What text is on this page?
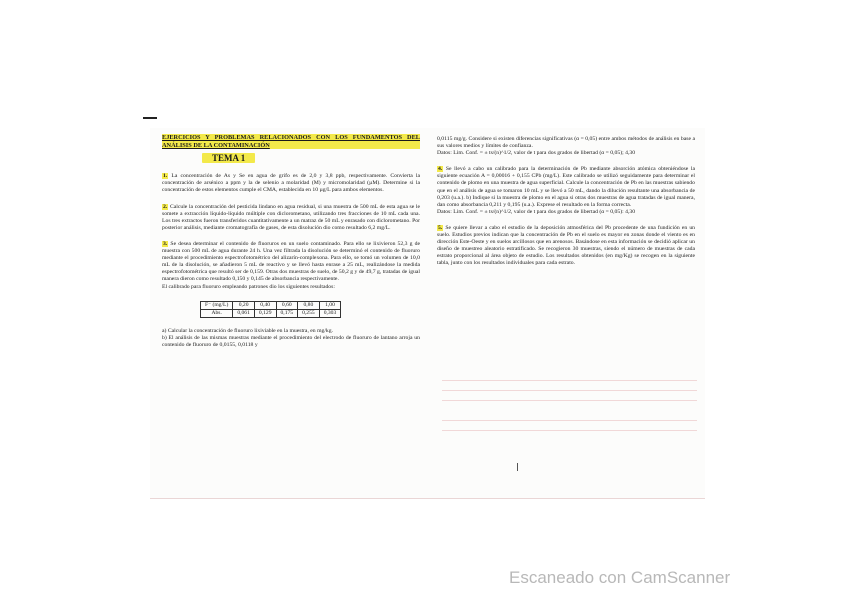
EJERCICIOS Y PROBLEMAS RELACIONADOS CON LOS FUNDAMENTOS DEL ANÁLISIS DE LA CONTAMINACIÓN

TEMA 1
1. La concentración de As y Se en agua de grifo es de 2,0 y 3,8 ppb, respectivamente. Convierta la concentración de arsénico a ppm y la de selenio a molaridad (M) y micromolaridad (µM). Determine si la concentración de estos elementos cumple el CMA, establecida en 10 µg/L para ambos elementos.
2. Calcule la concentración del pesticida lindano en agua residual, si una muestra de 500 mL de esta agua se le somete a extracción líquido-líquido múltiple con diclorometano, utilizando tres fracciones de 10 mL cada una. Los tres extractos fueron transferidos cuantitativamente a un matraz de 50 mL y enrasado con diclorometano. Por posterior análisis, mediante cromatografía de gases, de esta disolución dio como resultado 6,2 mg/L.
3. Se desea determinar el contenido de fluoruros en un suelo contaminado. Para ello se lixivieron 52,3 g de muestra con 500 mL de agua durante 24 h. Una vez filtrada la disolución se determinó el contenido de fluoruro mediante el procedimiento espectrofotométrico del alizarín-complexona. Para ello, se tomó un volumen de 10,0 mL de la disolución, se añadieron 5 mL de reactivo y se llevó hasta enrase a 25 mL, realizándose la medida espectrofotométrica que resultó ser de 0,159. Otras dos muestras de suelo, de 50,2 g y de 49,7 g, tratadas de igual manera dieron como resultado 0,150 y 0,145 de absorbancia respectivamente.
El calibrado para fluoruro empleando patrones dio los siguientes resultados:
F⁻ (mg/L)	0,20	0,40	0,60	0,80	1,00
Abs.	0,061	0,129	0,175	0,255	0,303

a) Calcular la concentración de fluoruro lixiviable en la muestra, en mg/kg.

b) El análisis de las mismas muestras mediante el procedimiento del electrodo de fluoruro de lantano arroja un contenido de fluoruro de 0,0155, 0,0118 y

0,0115 mg/g. Considere si existen diferencias significativas (α = 0,05) entre ambos métodos de análisis en base a sus valores medios y límites de confianza.

Datos: Lim. Conf. = ± ts/(n)^1/2, valor de t para dos grados de libertad (α = 0,05); 4,30

4. Se llevó a cabo un calibrado para la determinación de Pb mediante absorción atómica obteniéndose la siguiente ecuación A = 0,00016 + 0,155 CPb (mg/L). Este calibrado se utilizó seguidamente para determinar el contenido de plomo en una muestra de agua superficial. Calcule la concentración de Pb en las muestras sabiendo que en el análisis de agua se tomaron 10 mL y se llevó a 50 mL, dando la dilución resultante una absorbancia de 0,203 (u.a.). b) Indique si la muestra de plomo en el agua si otras dos muestras de agua tratadas de igual manera, dan como absorbancia 0,211 y 0,195 (u.a.). Exprese el resultado en la forma correcta.
Datos: Lim. Conf. = ± ts/(n)^1/2, valor de t para dos grados de libertad (α = 0,05): 4,30
5. Se quiere llevar a cabo el estudio de la deposición atmosférica del Pb procedente de una fundición en un suelo. Estudios previos indican que la concentración de Pb en el suelo es mayor en zonas donde el viento es en dirección Este-Oeste y en suelos arcillosos que en arenosos. Basándose en esta información se decidió aplicar un diseño de muestreo aleatorio estratificado. Se recogieron 30 muestras, siendo el número de muestras de cada estrato proporcional al área objeto de estudio. Los resultados obtenidos (en mg/Kg) se recogen en la siguiente tabla, junto con los resultados individuales para cada estrato.
Escaneado con CamScanner
